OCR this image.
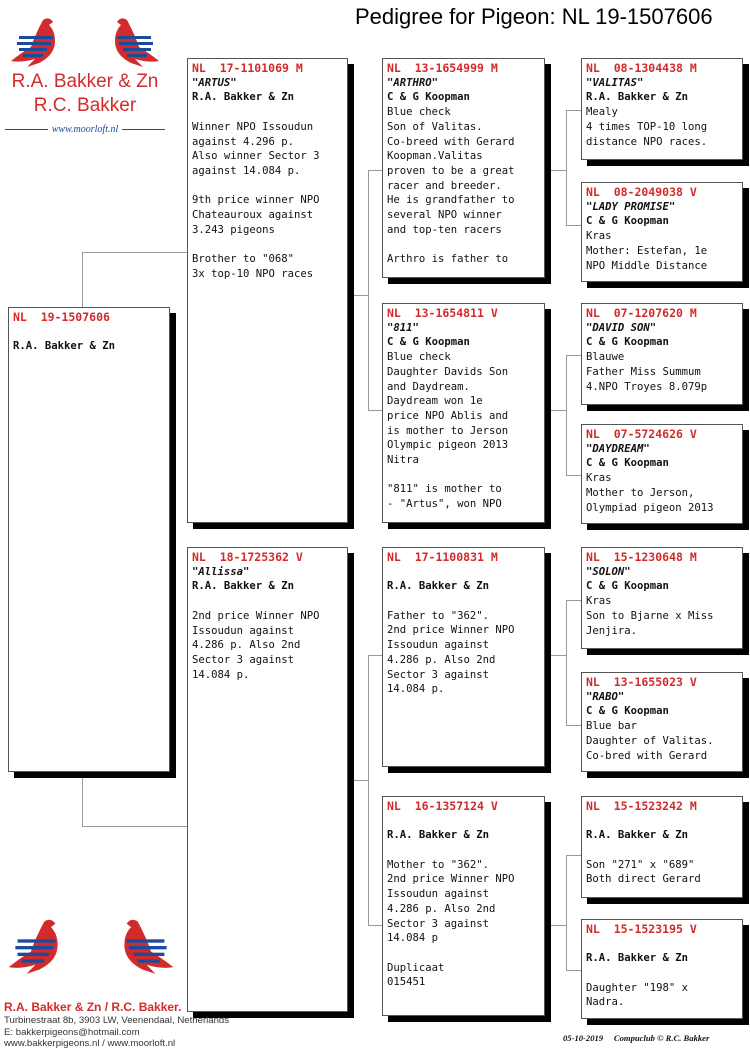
Pedigree for Pigeon: NL 19-1507606
R.A. Bakker & Zn
R.C. Bakker
www.moorloft.nl
NL  19-1507606
R.A. Bakker & Zn
NL  17-1101069 M
"ARTUS"
R.A. Bakker & Zn
Winner NPO Issoudun
against 4.296 p.
Also winner Sector 3
against 14.084 p.
9th price winner NPO
Chateauroux against
3.243 pigeons
Brother to "068"
3x top-10 NPO races
NL  18-1725362 V
"Allissa"
R.A. Bakker & Zn
2nd price Winner NPO
Issoudun against
4.286 p. Also 2nd
Sector 3 against
14.084 p.
NL  13-1654999 M
"ARTHRO"
C & G Koopman
Blue check
Son of Valitas.
Co-breed with Gerard
Koopman.Valitas
proven to be a great
racer and breeder.
He is grandfather to
several NPO winner
and top-ten racers
Arthro is father to
NL  13-1654811 V
"811"
C & G Koopman
Blue check
Daughter Davids Son
and Daydream.
Daydream won 1e
price NPO Ablis and
is mother to Jerson
Olympic pigeon 2013
Nitra
"811" is mother to
- "Artus", won NPO
NL  17-1100831 M
R.A. Bakker & Zn
Father to "362".
2nd price Winner NPO
Issoudun against
4.286 p. Also 2nd
Sector 3 against
14.084 p.
NL  16-1357124 V
R.A. Bakker & Zn
Mother to "362".
2nd price Winner NPO
Issoudun against
4.286 p. Also 2nd
Sector 3 against
14.084 p
Duplicaat
015451
NL  08-1304438 M
"VALITAS"
R.A. Bakker & Zn
Mealy
4 times TOP-10 long
distance NPO races.
NL  08-2049038 V
"LADY PROMISE"
C & G Koopman
Kras
Mother: Estefan, 1e
NPO Middle Distance
NL  07-1207620 M
"DAVID SON"
C & G Koopman
Blauwe
Father Miss Summum
4.NPO Troyes 8.079p
NL  07-5724626 V
"DAYDREAM"
C & G Koopman
Kras
Mother to Jerson,
Olympiad pigeon 2013
NL  15-1230648 M
"SOLON"
C & G Koopman
Kras
Son to Bjarne x Miss
Jenjira.
NL  13-1655023 V
"RABO"
C & G Koopman
Blue bar
Daughter of Valitas.
Co-bred with Gerard
NL  15-1523242 M
R.A. Bakker & Zn
Son "271" x "689"
Both direct Gerard
NL  15-1523195 V
R.A. Bakker & Zn
Daughter "198" x
Nadra.
R.A. Bakker & Zn / R.C. Bakker.
Turbinestraat 8b, 3903 LW, Veenendaal, Netherlands
E: bakkerpigeons@hotmail.com
www.bakkerpigeons.nl / www.moorloft.nl	05-10-2019 Compuclub © R.C. Bakker
